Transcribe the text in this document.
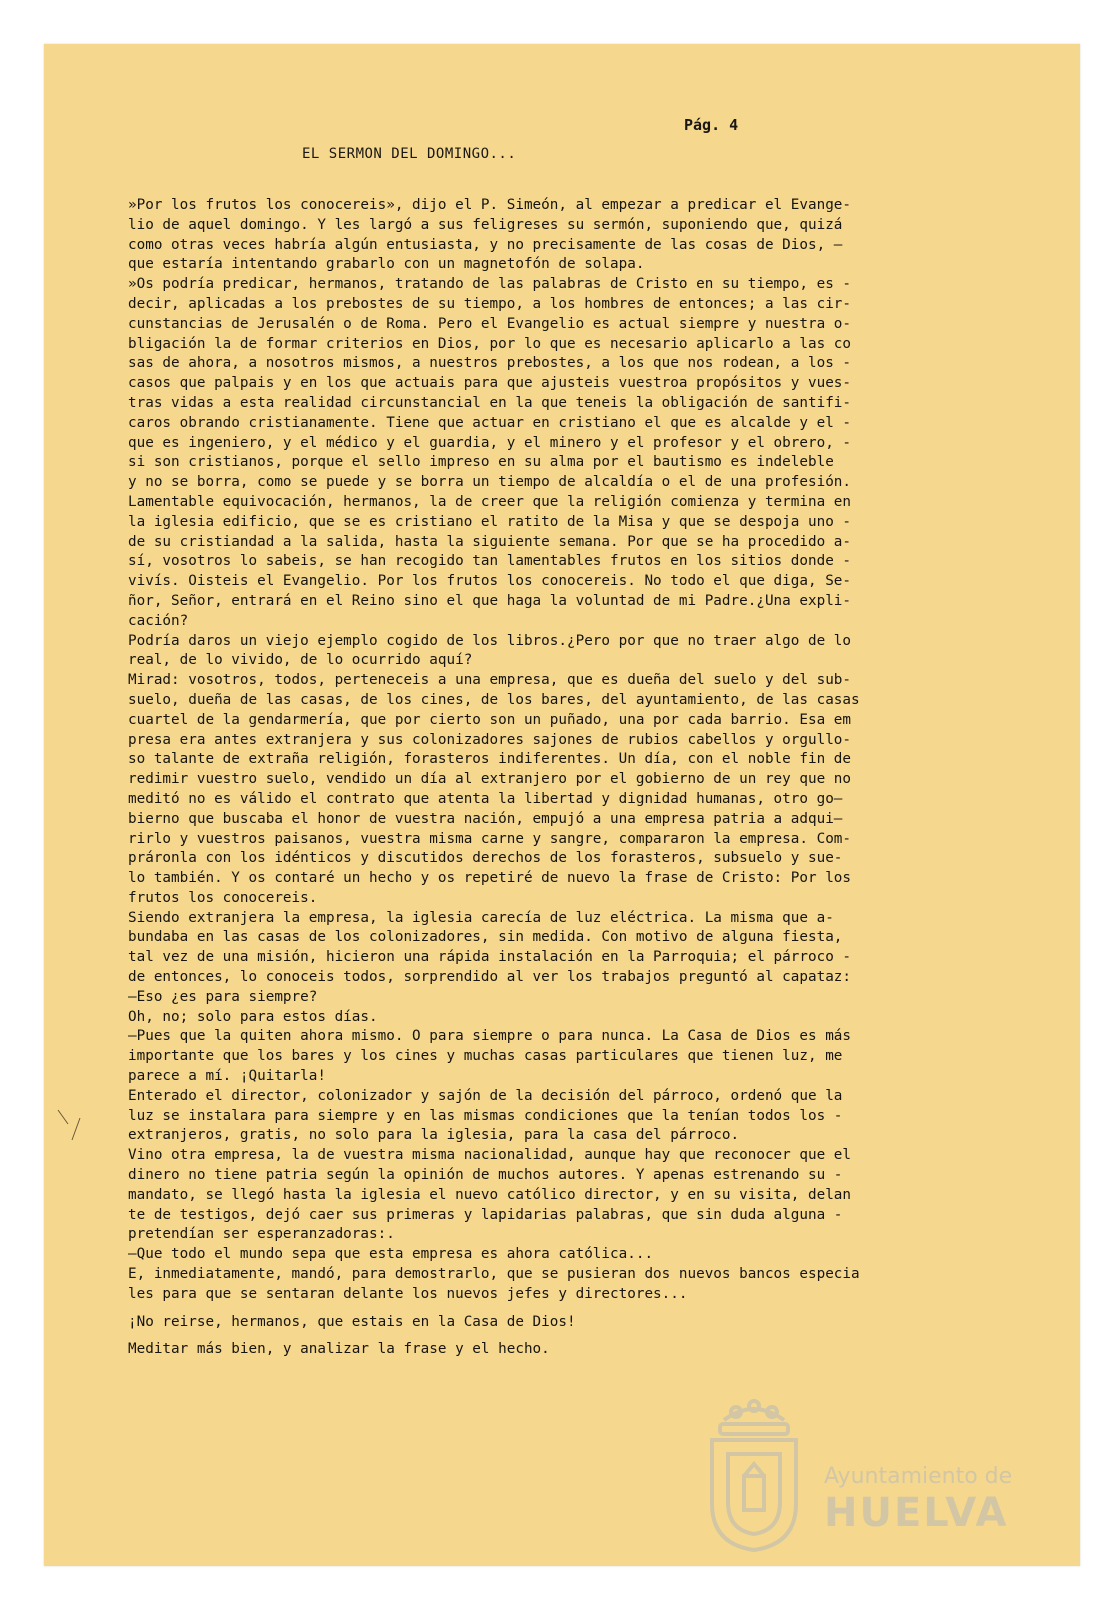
Pág. 4
EL SERMON DEL DOMINGO...
»Por los frutos los conocereis», dijo el P. Simeón, al empezar a predicar el Evange-
lio de aquel domingo. Y les largó a sus feligreses su sermón, suponiendo que, quizá
como otras veces habría algún entusiasta, y no precisamente de las cosas de Dios, —
que estaría intentando grabarlo con un magnetofón de solapa.
»Os podría predicar, hermanos, tratando de las palabras de Cristo en su tiempo, es -
decir, aplicadas a los prebostes de su tiempo, a los hombres de entonces; a las cir-
cunstancias de Jerusalén o de Roma. Pero el Evangelio es actual siempre y nuestra o-
bligación la de formar criterios en Dios, por lo que es necesario aplicarlo a las co
sas de ahora, a nosotros mismos, a nuestros prebostes, a los que nos rodean, a los -
casos que palpais y en los que actuais para que ajusteis vuestroa propósitos y vues-
tras vidas a esta realidad circunstancial en la que teneis la obligación de santifi-
caros obrando cristianamente. Tiene que actuar en cristiano el que es alcalde y el -
que es ingeniero, y el médico y el guardia, y el minero y el profesor y el obrero, -
si son cristianos, porque el sello impreso en su alma por el bautismo es indeleble
y no se borra, como se puede y se borra un tiempo de alcaldía o el de una profesión.
Lamentable equivocación, hermanos, la de creer que la religión comienza y termina en
la iglesia edificio, que se es cristiano el ratito de la Misa y que se despoja uno -
de su cristiandad a la salida, hasta la siguiente semana. Por que se ha procedido a-
sí, vosotros lo sabeis, se han recogido tan lamentables frutos en los sitios donde -
vivís. Oisteis el Evangelio. Por los frutos los conocereis. No todo el que diga, Se-
ñor, Señor, entrará en el Reino sino el que haga la voluntad de mi Padre.¿Una expli-
cación?
Podría daros un viejo ejemplo cogido de los libros.¿Pero por que no traer algo de lo
real, de lo vivido, de lo ocurrido aquí?
Mirad: vosotros, todos, perteneceis a una empresa, que es dueña del suelo y del sub-
suelo, dueña de las casas, de los cines, de los bares, del ayuntamiento, de las casas
cuartel de la gendarmería, que por cierto son un puñado, una por cada barrio. Esa em
presa era antes extranjera y sus colonizadores sajones de rubios cabellos y orgullo-
so talante de extraña religión, forasteros indiferentes. Un día, con el noble fin de
redimir vuestro suelo, vendido un día al extranjero por el gobierno de un rey que no
meditó no es válido el contrato que atenta la libertad y dignidad humanas, otro go—
bierno que buscaba el honor de vuestra nación, empujó a una empresa patria a adqui—
rirlo y vuestros paisanos, vuestra misma carne y sangre, compararon la empresa. Com-
práronla con los idénticos y discutidos derechos de los forasteros, subsuelo y sue-
lo también. Y os contaré un hecho y os repetiré de nuevo la frase de Cristo: Por los
frutos los conocereis.
Siendo extranjera la empresa, la iglesia carecía de luz eléctrica. La misma que a-
bundaba en las casas de los colonizadores, sin medida. Con motivo de alguna fiesta,
tal vez de una misión, hicieron una rápida instalación en la Parroquia; el párroco -
de entonces, lo conoceis todos, sorprendido al ver los trabajos preguntó al capataz:
—Eso ¿es para siempre?
Oh, no; solo para estos días.
—Pues que la quiten ahora mismo. O para siempre o para nunca. La Casa de Dios es más
importante que los bares y los cines y muchas casas particulares que tienen luz, me
parece a mí. ¡Quitarla!
Enterado el director, colonizador y sajón de la decisión del párroco, ordenó que la
luz se instalara para siempre y en las mismas condiciones que la tenían todos los -
extranjeros, gratis, no solo para la iglesia, para la casa del párroco.
Vino otra empresa, la de vuestra misma nacionalidad, aunque hay que reconocer que el
dinero no tiene patria según la opinión de muchos autores. Y apenas estrenando su -
mandato, se llegó hasta la iglesia el nuevo católico director, y en su visita, delan
te de testigos, dejó caer sus primeras y lapidarias palabras, que sin duda alguna -
pretendían ser esperanzadoras:.
—Que todo el mundo sepa que esta empresa es ahora católica...
E, inmediatamente, mandó, para demostrarlo, que se pusieran dos nuevos bancos especia
les para que se sentaran delante los nuevos jefes y directores...
¡No reirse, hermanos, que estais en la Casa de Dios!
Meditar más bien, y analizar la frase y el hecho.
Ayuntamiento de
HUELVA
